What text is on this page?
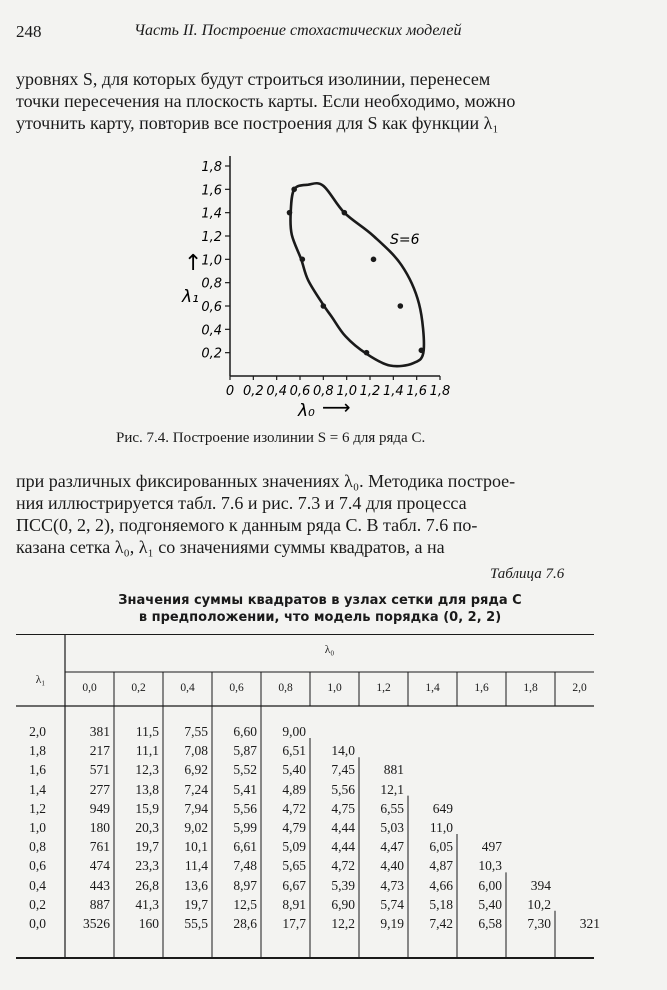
248	Часть II. Построение стохастических моделей
уровнях S, для которых будут строиться изолинии, перенесем
точки пересечения на плоскость карты. Если необходимо, можно
уточнить карту, повторив все построения для S как функции λ₁
1,8
1,6
1,4
1,2
1,0
0,8
0,6
0,4
0,2
0 0,2 0,4 0,6 0,8 1,0 1,2 1,4 1,6 1,8
S=6
↑
λ₁
λ₀ ⟶
Рис. 7.4. Построение изолинии S = 6 для ряда C.
при различных фиксированных значениях λ₀. Методика построе-
ния иллюстрируется табл. 7.6 и рис. 7.3 и 7.4 для процесса
ПСС(0, 2, 2), подгоняемого к данным ряда C. В табл. 7.6 по-
казана сетка λ₀, λ₁ со значениями суммы квадратов, а на
Таблица 7.6
Значения суммы квадратов в узлах сетки для ряда C
в предположении, что модель порядка (0, 2, 2)
λ₁
λ₀
0,0	0,2	0,4	0,6	0,8	1,0	1,2	1,4	1,6	1,8	2,0
2,0	381	11,5	7,55	6,60	9,00
1,8	217	11,1	7,08	5,87	6,51	14,0
1,6	571	12,3	6,92	5,52	5,40	7,45	881
1,4	277	13,8	7,24	5,41	4,89	5,56	12,1
1,2	949	15,9	7,94	5,56	4,72	4,75	6,55	649
1,0	180	20,3	9,02	5,99	4,79	4,44	5,03	11,0
0,8	761	19,7	10,1	6,61	5,09	4,44	4,47	6,05	497
0,6	474	23,3	11,4	7,48	5,65	4,72	4,40	4,87	10,3
0,4	443	26,8	13,6	8,97	6,67	5,39	4,73	4,66	6,00	394
0,2	887	41,3	19,7	12,5	8,91	6,90	5,74	5,18	5,40	10,2
0,0	3526	160	55,5	28,6	17,7	12,2	9,19	7,42	6,58	7,30	321
